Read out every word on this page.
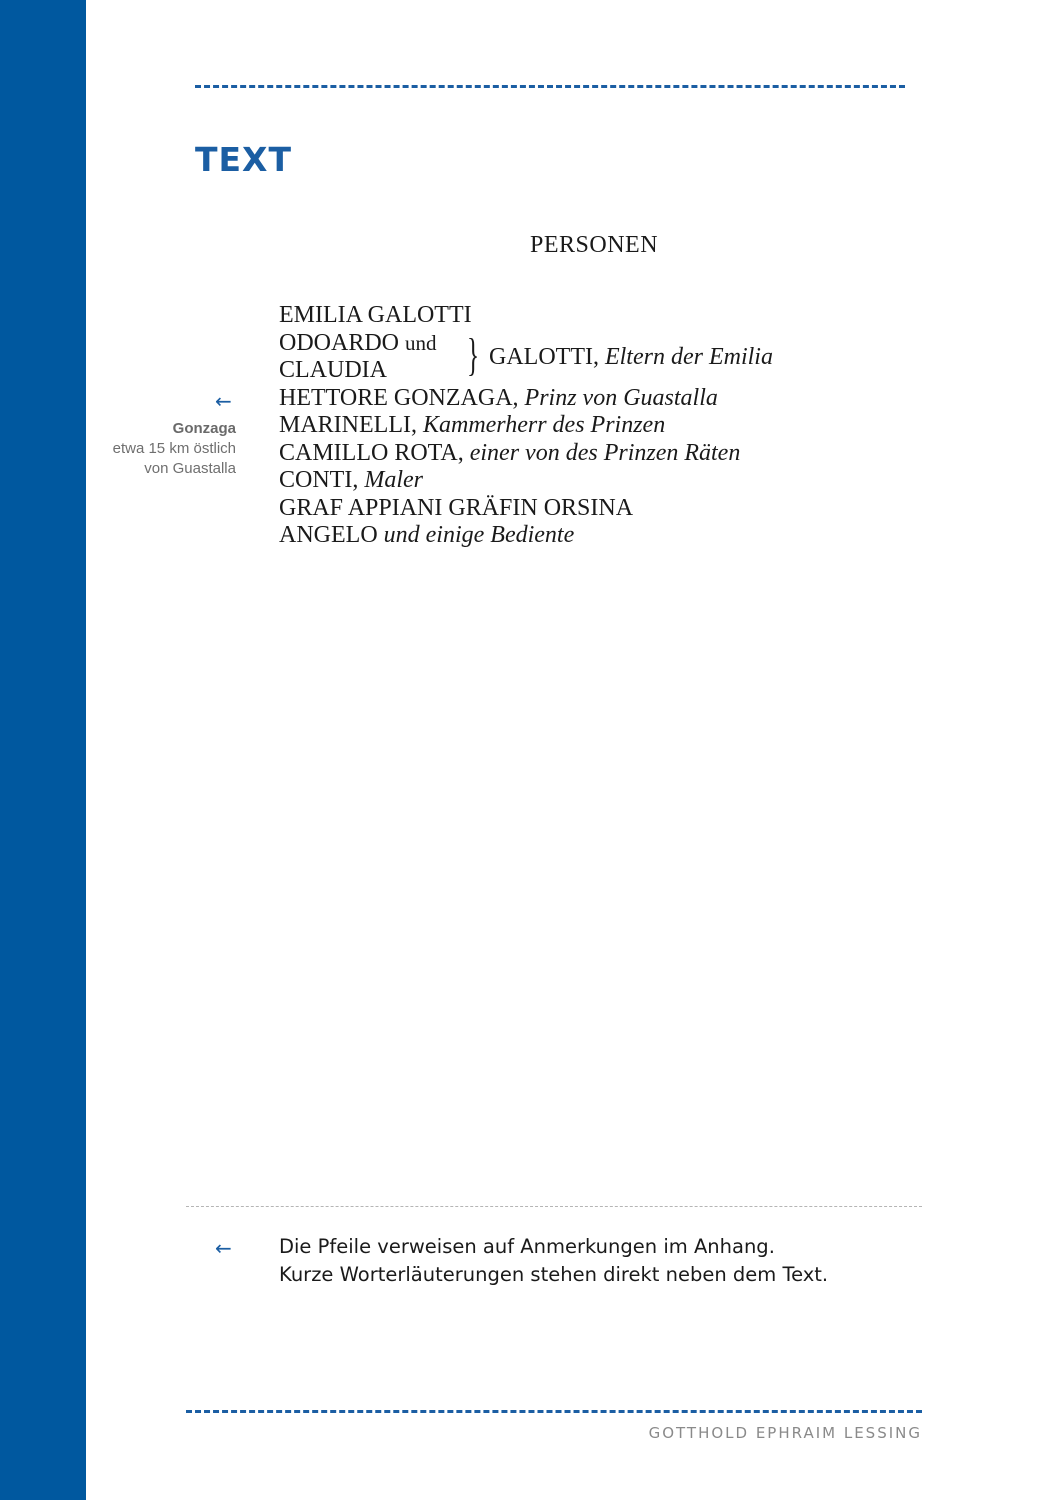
TEXT
PERSONEN
EMILIA GALOTTI
ODOARDO und
CLAUDIA } GALOTTI, Eltern der Emilia
HETTORE GONZAGA, Prinz von Guastalla
MARINELLI, Kammerherr des Prinzen
CAMILLO ROTA, einer von des Prinzen Räten
CONTI, Maler
GRAF APPIANI GRÄFIN ORSINA
ANGELO und einige Bediente
←
Gonzaga
etwa 15 km östlich
von Guastalla
← Die Pfeile verweisen auf Anmerkungen im Anhang.
Kurze Worterläuterungen stehen direkt neben dem Text.
GOTTHOLD EPHRAIM LESSING
